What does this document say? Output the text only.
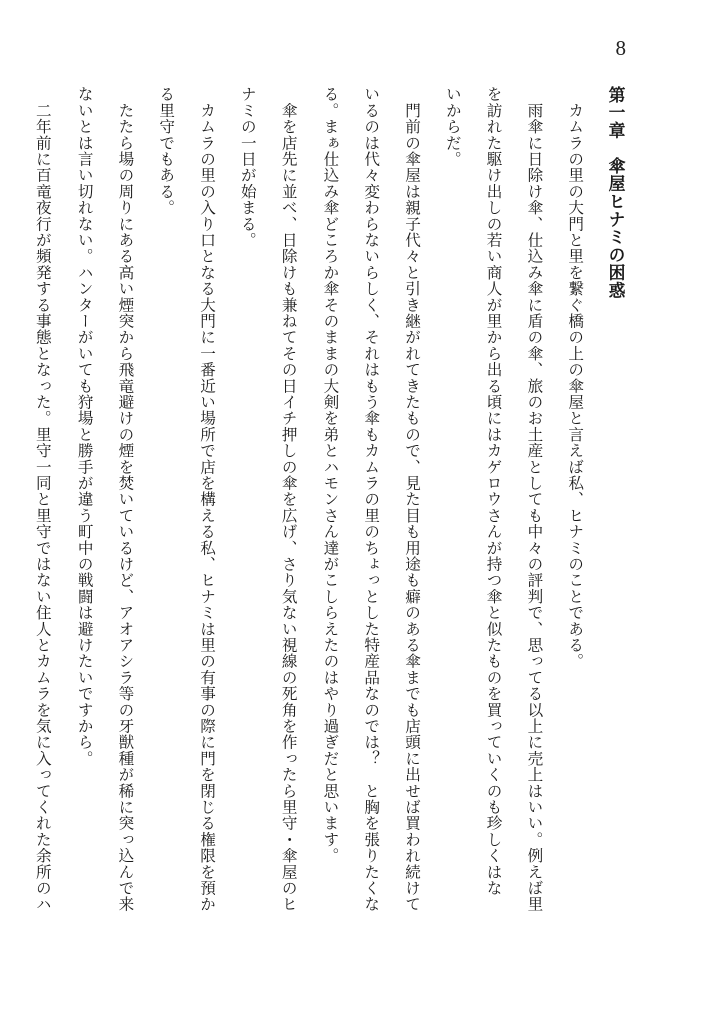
8

第一章　傘屋ヒナミの困惑

　カムラの里の大門と里を繋ぐ橋の上の傘屋と言えば私、ヒナミのことである。

　雨傘に日除け傘、仕込み傘に盾の傘、旅のお土産としても中々の評判で、思ってる以上に売上はいい。例えば里

を訪れた駆け出しの若い商人が里から出る頃にはカゲロウさんが持つ傘と似たものを買っていくのも珍しくはな

いからだ。

　門前の傘屋は親子代々と引き継がれてきたもので、見た目も用途も癖のある傘までも店頭に出せば買われ続けて

いるのは代々変わらないらしく、それはもう傘もカムラの里のちょっとした特産品なのでは？　と胸を張りたくな

る。まぁ仕込み傘どころか傘そのままの大剣を弟とハモンさん達がこしらえたのはやり過ぎだと思います。

　傘を店先に並べ、日除けも兼ねてその日イチ押しの傘を広げ、さり気ない視線の死角を作ったら里守・傘屋のヒ

ナミの一日が始まる。

　カムラの里の入り口となる大門に一番近い場所で店を構える私、ヒナミは里の有事の際に門を閉じる権限を預か

る里守でもある。

　たたら場の周りにある高い煙突から飛竜避けの煙を焚いているけど、アオアシラ等の牙獣種が稀に突っ込んで来

ないとは言い切れない。ハンターがいても狩場と勝手が違う町中の戦闘は避けたいですから。

　二年前に百竜夜行が頻発する事態となった。里守一同と里守ではない住人とカムラを気に入ってくれた余所のハ
